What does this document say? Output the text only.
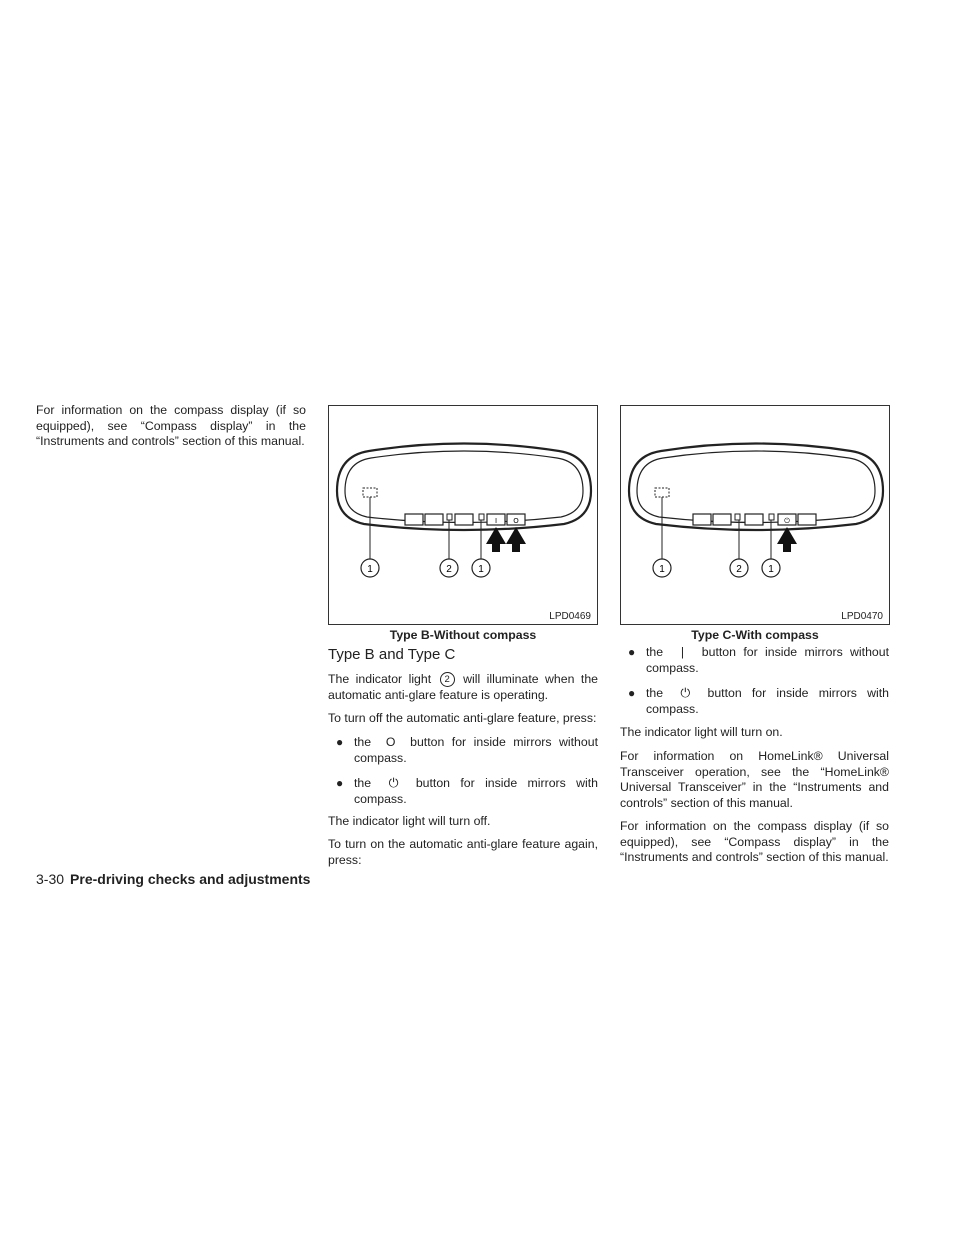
For information on the compass display (if so equipped), see “Compass display” in the “Instruments and controls” section of this manual.

I O
1	2	1
LPD0469
Type B-Without compass
⏻
1	2	1
LPD0470
Type C-With compass
Type B and Type C

The indicator light 2 will illuminate when the automatic anti-glare feature is operating.

To turn off the automatic anti-glare feature, press:

● the O button for inside mirrors without compass.
● the ⏻ button for inside mirrors with compass.

The indicator light will turn off.

To turn on the automatic anti-glare feature again, press:

● the | button for inside mirrors without compass.
● the ⏻ button for inside mirrors with compass.

The indicator light will turn on.

For information on HomeLink® Universal Transceiver operation, see the “HomeLink® Universal Transceiver” in the “Instruments and controls” section of this manual.

For information on the compass display (if so equipped), see “Compass display” in the “Instruments and controls” section of this manual.

3-30 Pre-driving checks and adjustments
